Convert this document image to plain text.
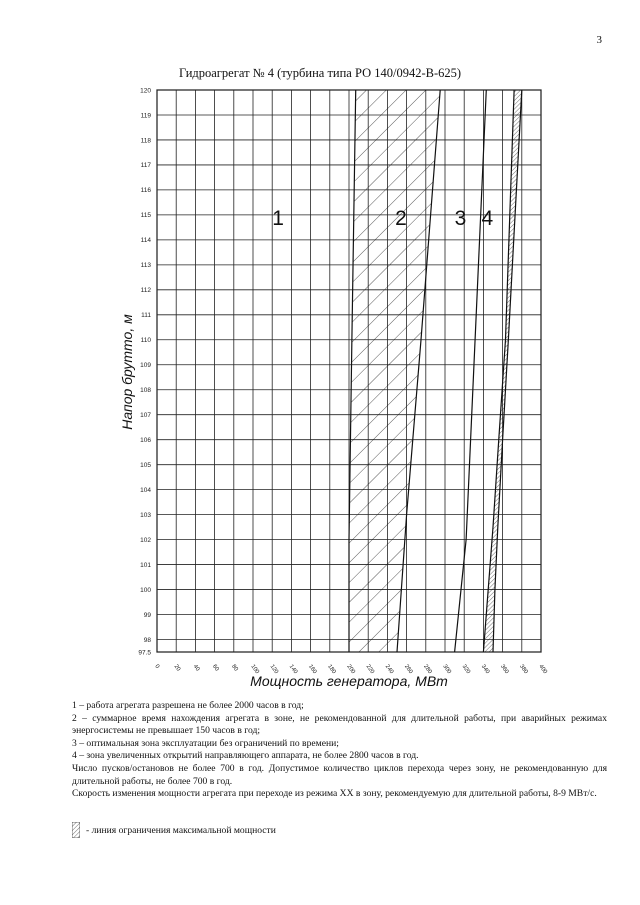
3
Гидроагрегат № 4 (турбина типа РО 140/0942-В-625)
0 20 40 60 80 100 120 140 160 180 200 220 240 260 280 300 320 340 360 380 400
97.5
98
99
100
101
102
103
104
105
106
107
108
109
110
111
112
113
114
115
116
117
118
119
120
1	2 3 4
Мощность генератора, МВт
Напор брутто, м

1 – работа агрегата разрешена не более 2000 часов в год;

2 – суммарное время нахождения агрегата в зоне, не рекомендованной для длительной работы, при аварийных режимах энергосистемы не превышает 150 часов в год;

3 – оптимальная зона эксплуатации без ограничений по времени;

4 – зона увеличенных открытий направляющего аппарата, не более 2800 часов в год.

Число пусков/остановов не более 700 в год. Допустимое количество циклов перехода через зону, не рекомендованную для длительной работы, не более 700 в год.

Скорость изменения мощности агрегата при переходе из режима ХХ в зону, рекомендуемую для длительной работы, 8-9 МВт/с.

- линия ограничения максимальной мощности
